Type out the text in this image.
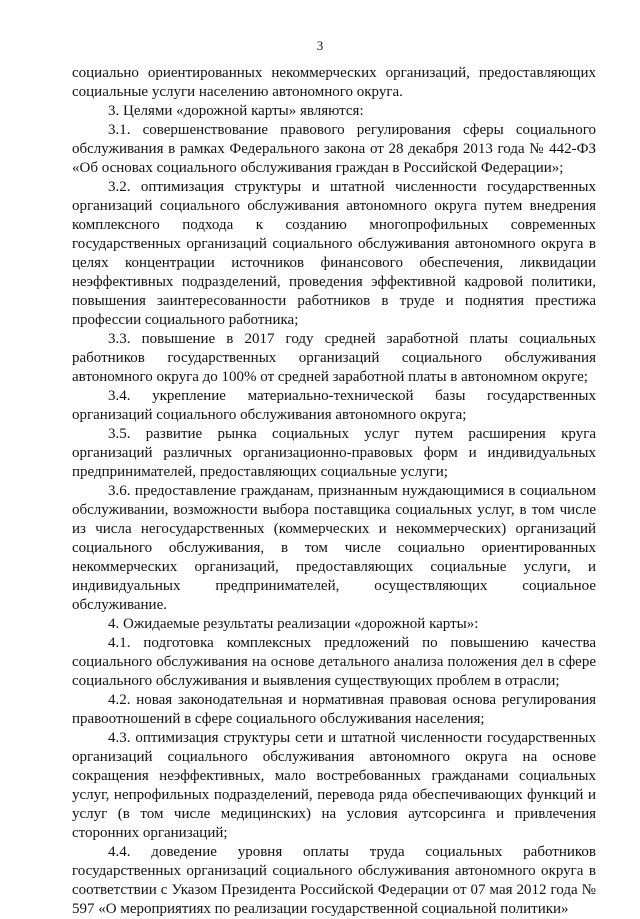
3

социально ориентированных некоммерческих организаций, предоставляющих социальные услуги населению автономного округа.

3. Целями «дорожной карты» являются:

3.1. совершенствование правового регулирования сферы социального обслуживания в рамках Федерального закона от 28 декабря 2013 года № 442-ФЗ «Об основах социального обслуживания граждан в Российской Федерации»;

3.2. оптимизация структуры и штатной численности государственных организаций социального обслуживания автономного округа путем внедрения комплексного подхода к созданию многопрофильных современных государственных организаций социального обслуживания автономного округа в целях концентрации источников финансового обеспечения, ликвидации неэффективных подразделений, проведения эффективной кадровой политики, повышения заинтересованности работников в труде и поднятия престижа профессии социального работника;

3.3. повышение в 2017 году средней заработной платы социальных работников государственных организаций социального обслуживания автономного округа до 100% от средней заработной платы в автономном округе;

3.4. укрепление материально-технической базы государственных организаций социального обслуживания автономного округа;

3.5. развитие рынка социальных услуг путем расширения круга организаций различных организационно-правовых форм и индивидуальных предпринимателей, предоставляющих социальные услуги;

3.6. предоставление гражданам, признанным нуждающимися в социальном обслуживании, возможности выбора поставщика социальных услуг, в том числе из числа негосударственных (коммерческих и некоммерческих) организаций социального обслуживания, в том числе социально ориентированных некоммерческих организаций, предоставляющих социальные услуги, и индивидуальных предпринимателей, осуществляющих социальное обслуживание.

4. Ожидаемые результаты реализации «дорожной карты»:

4.1. подготовка комплексных предложений по повышению качества социального обслуживания на основе детального анализа положения дел в сфере социального обслуживания и выявления существующих проблем в отрасли;

4.2. новая законодательная и нормативная правовая основа регулирования правоотношений в сфере социального обслуживания населения;

4.3. оптимизация структуры сети и штатной численности государственных организаций социального обслуживания автономного округа на основе сокращения неэффективных, мало востребованных гражданами социальных услуг, непрофильных подразделений, перевода ряда обеспечивающих функций и услуг (в том числе медицинских) на условия аутсорсинга и привлечения сторонних организаций;

4.4. доведение уровня оплаты труда социальных работников государственных организаций социального обслуживания автономного округа в соответствии с Указом Президента Российской Федерации от 07 мая 2012 года № 597 «О мероприятиях по реализации государственной социальной политики»
